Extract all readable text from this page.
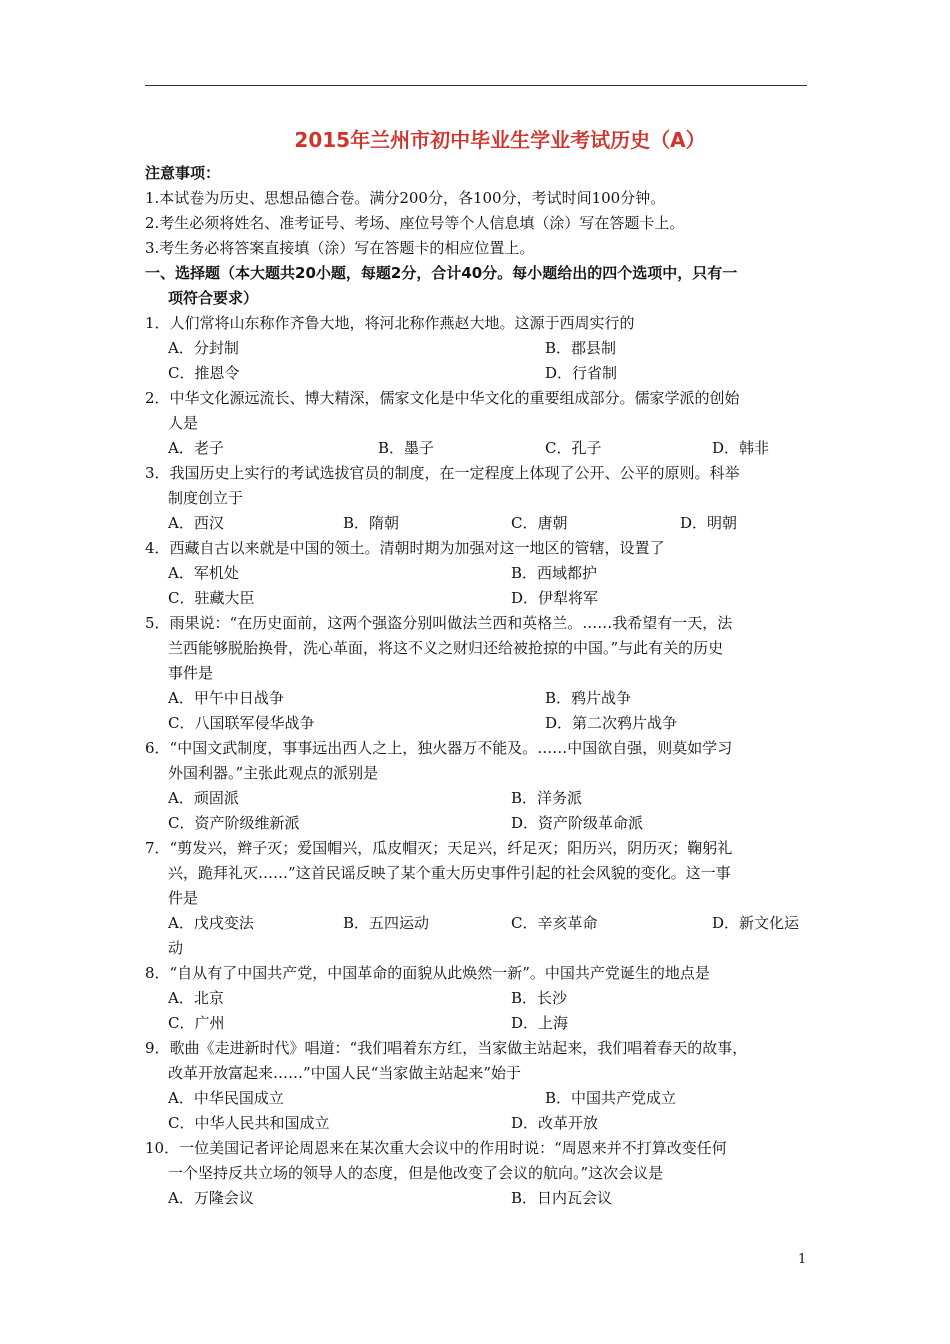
2015年兰州市初中毕业生学业考试历史（A）
注意事项：
1.本试卷为历史、思想品德合卷。满分200分，各100分，考试时间100分钟。
2.考生必须将姓名、准考证号、考场、座位号等个人信息填（涂）写在答题卡上。
3.考生务必将答案直接填（涂）写在答题卡的相应位置上。
一、选择题（本大题共20小题，每题2分，合计40分。每小题给出的四个选项中，只有一
项符合要求）
1．人们常将山东称作齐鲁大地，将河北称作燕赵大地。这源于西周实行的
A．分封制	B．郡县制
C．推恩令	D．行省制
2．中华文化源远流长、博大精深，儒家文化是中华文化的重要组成部分。儒家学派的创始
人是
A．老子	B．墨子	C．孔子	D．韩非
3．我国历史上实行的考试选拔官员的制度，在一定程度上体现了公开、公平的原则。科举
制度创立于
A．西汉	B．隋朝	C．唐朝	D．明朝
4．西藏自古以来就是中国的领土。清朝时期为加强对这一地区的管辖，设置了
A．军机处	B．西域都护
C．驻藏大臣	D．伊犁将军
5．雨果说：“在历史面前，这两个强盗分别叫做法兰西和英格兰。……我希望有一天，法
兰西能够脱胎换骨，洗心革面，将这不义之财归还给被抢掠的中国。”与此有关的历史
事件是
A．甲午中日战争	B．鸦片战争
C．八国联军侵华战争	D．第二次鸦片战争
6．“中国文武制度，事事远出西人之上，独火器万不能及。……中国欲自强，则莫如学习
外国利器。”主张此观点的派别是
A．顽固派	B．洋务派
C．资产阶级维新派	D．资产阶级革命派
7．“剪发兴，辫子灭；爱国帽兴，瓜皮帽灭；天足兴，纤足灭；阳历兴，阴历灭；鞠躬礼
兴，跪拜礼灭……”这首民谣反映了某个重大历史事件引起的社会风貌的变化。这一事
件是
A．戊戌变法	B．五四运动	C．辛亥革命	D．新文化运
动
8．“自从有了中国共产党，中国革命的面貌从此焕然一新”。中国共产党诞生的地点是
A．北京	B．长沙
C．广州	D．上海
9．歌曲《走进新时代》唱道：“我们唱着东方红，当家做主站起来，我们唱着春天的故事，
改革开放富起来……”中国人民“当家做主站起来”始于
A．中华民国成立	B．中国共产党成立
C．中华人民共和国成立	D．改革开放
10．一位美国记者评论周恩来在某次重大会议中的作用时说：“周恩来并不打算改变任何
一个坚持反共立场的领导人的态度，但是他改变了会议的航向。”这次会议是
A．万隆会议	B．日内瓦会议
1
